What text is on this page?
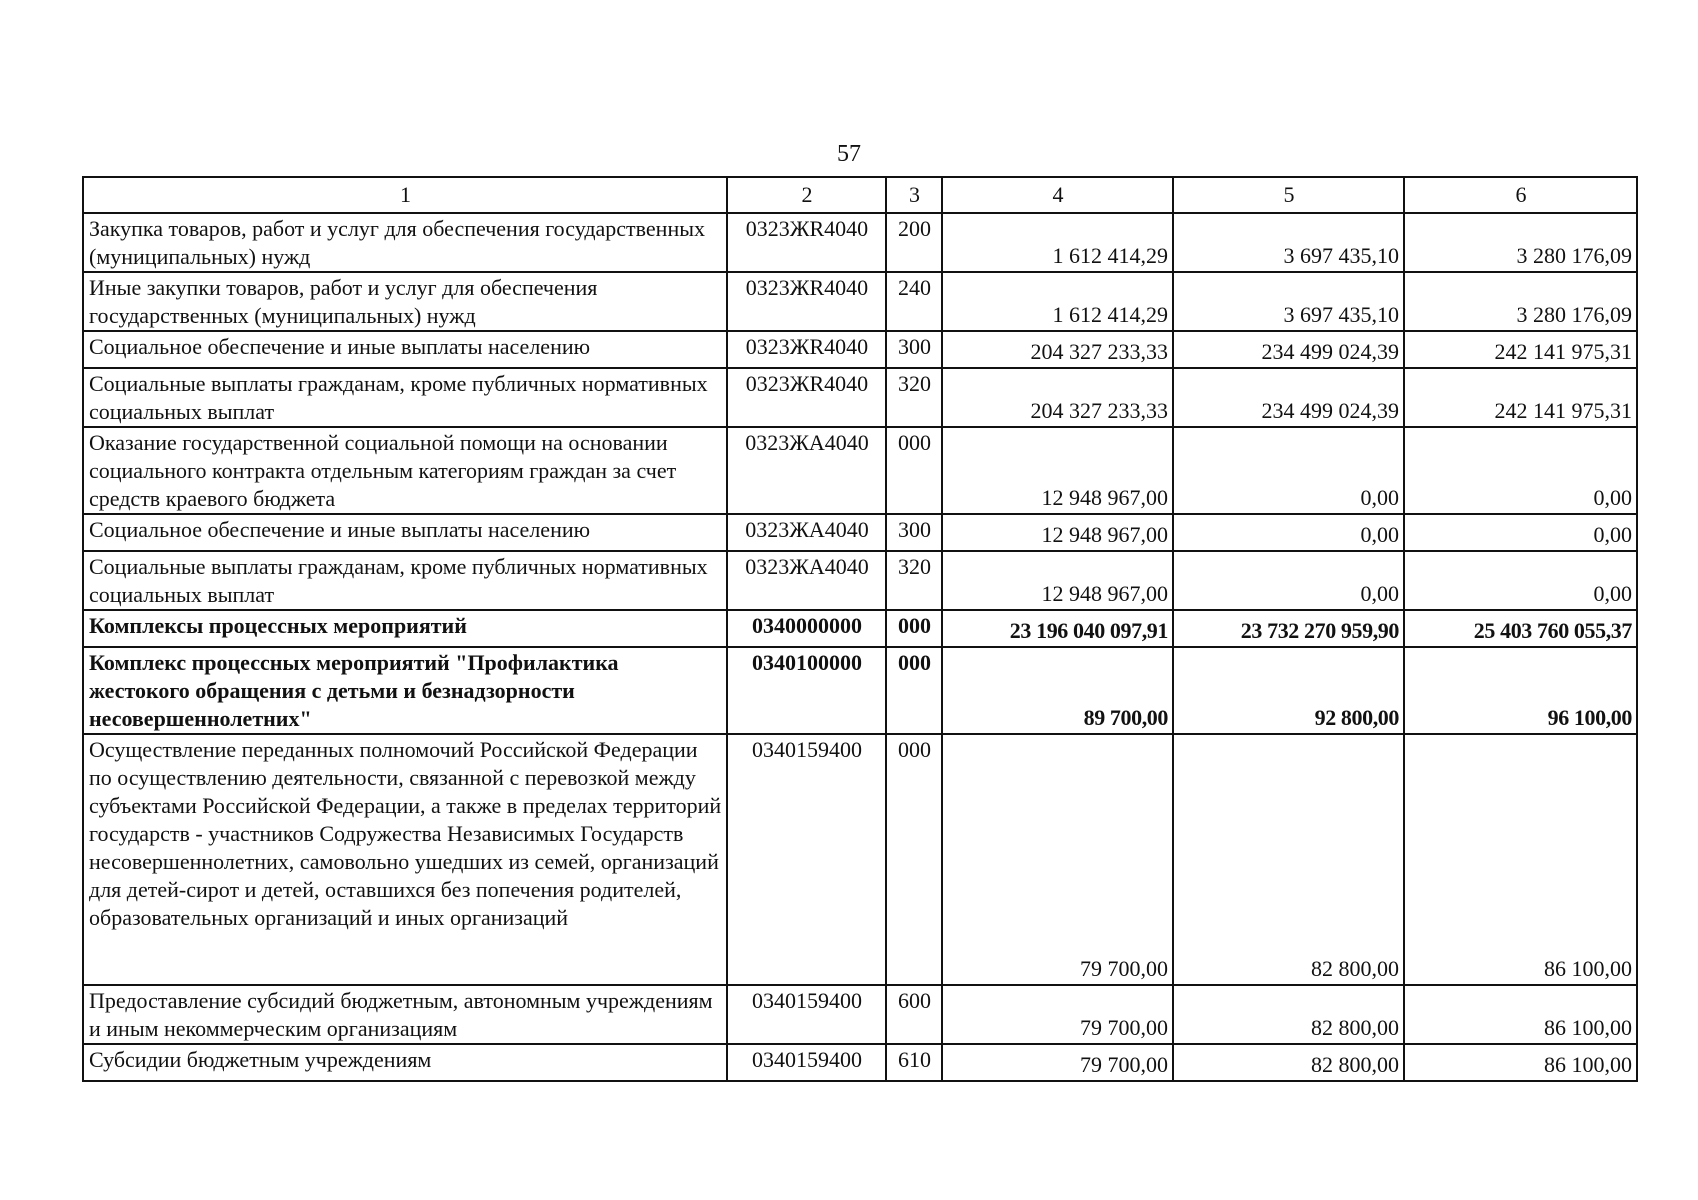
57
1	2	3	4	5	6
Закупка товаров, работ и услуг для обеспечения государственных (муниципальных) нужд	0323ЖR4040	200	1 612 414,29	3 697 435,10	3 280 176,09
Иные закупки товаров, работ и услуг для обеспечения государственных (муниципальных) нужд	0323ЖR4040	240	1 612 414,29	3 697 435,10	3 280 176,09
Социальное обеспечение и иные выплаты населению	0323ЖR4040	300	204 327 233,33	234 499 024,39	242 141 975,31
Социальные выплаты гражданам, кроме публичных нормативных социальных выплат	0323ЖR4040	320	204 327 233,33	234 499 024,39	242 141 975,31
Оказание государственной социальной помощи на основании социального контракта отдельным категориям граждан за счет средств краевого бюджета	0323ЖА4040	000	12 948 967,00	0,00	0,00
Социальное обеспечение и иные выплаты населению	0323ЖА4040	300	12 948 967,00	0,00	0,00
Социальные выплаты гражданам, кроме публичных нормативных социальных выплат	0323ЖА4040	320	12 948 967,00	0,00	0,00
Комплексы процессных мероприятий	0340000000	000	23 196 040 097,91	23 732 270 959,90	25 403 760 055,37
Комплекс процессных мероприятий "Профилактика жестокого обращения с детьми и безнадзорности несовершеннолетних"	0340100000	000	89 700,00	92 800,00	96 100,00
Осуществление переданных полномочий Российской Федерации по осуществлению деятельности, связанной с перевозкой между субъектами Российской Федерации, а также в пределах территорий государств - участников Содружества Независимых Государств несовершеннолетних, самовольно ушедших из семей, организаций для детей-сирот и детей, оставшихся без попечения родителей, образовательных организаций и иных организаций	0340159400	000	79 700,00	82 800,00	86 100,00
Предоставление субсидий бюджетным, автономным учреждениям и иным некоммерческим организациям	0340159400	600	79 700,00	82 800,00	86 100,00
Субсидии бюджетным учреждениям	0340159400	610	79 700,00	82 800,00	86 100,00
